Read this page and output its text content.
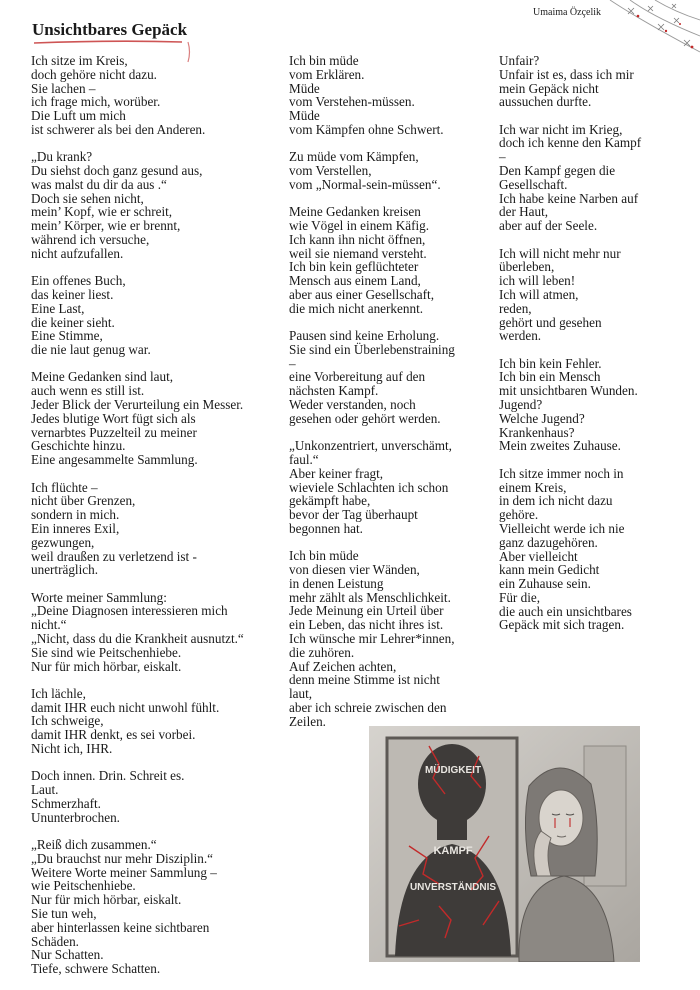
Umaima Özçelik
Unsichtbares Gepäck

Ich sitze im Kreis,
doch gehöre nicht dazu.
Sie lachen –
ich frage mich, worüber.
Die Luft um mich
ist schwerer als bei den Anderen.

„Du krank?
Du siehst doch ganz gesund aus,
was malst du dir da aus .“
Doch sie sehen nicht,
mein’ Kopf, wie er schreit,
mein’ Körper, wie er brennt,
während ich versuche,
nicht aufzufallen.

Ein offenes Buch,
das keiner liest.
Eine Last,
die keiner sieht.
Eine Stimme,
die nie laut genug war.

Meine Gedanken sind laut,
auch wenn es still ist.
Jeder Blick der Verurteilung ein Messer.
Jedes blutige Wort fügt sich als
vernarbtes Puzzelteil zu meiner
Geschichte hinzu.
Eine angesammelte Sammlung.

Ich flüchte –
nicht über Grenzen,
sondern in mich.
Ein inneres Exil,
gezwungen,
weil draußen zu verletzend ist -
unerträglich.

Worte meiner Sammlung:
„Deine Diagnosen interessieren mich
nicht.“
„Nicht, dass du die Krankheit ausnutzt.“
Sie sind wie Peitschenhiebe.
Nur für mich hörbar, eiskalt.

Ich lächle,
damit IHR euch nicht unwohl fühlt.
Ich schweige,
damit IHR denkt, es sei vorbei.
Nicht ich, IHR.

Doch innen. Drin. Schreit es.
Laut.
Schmerzhaft.
Ununterbrochen.

„Reiß dich zusammen.“
„Du brauchst nur mehr Disziplin.“
Weitere Worte meiner Sammlung –
wie Peitschenhiebe.
Nur für mich hörbar, eiskalt.
Sie tun weh,
aber hinterlassen keine sichtbaren
Schäden.
Nur Schatten.
Tiefe, schwere Schatten.

Ich bin müde
vom Erklären.
Müde
vom Verstehen-müssen.
Müde
vom Kämpfen ohne Schwert.

Zu müde vom Kämpfen,
vom Verstellen,
vom „Normal-sein-müssen“.

Meine Gedanken kreisen
wie Vögel in einem Käfig.
Ich kann ihn nicht öffnen,
weil sie niemand versteht.
Ich bin kein geflüchteter
Mensch aus einem Land,
aber aus einer Gesellschaft,
die mich nicht anerkennt.

Pausen sind keine Erholung.
Sie sind ein Überlebenstraining
–
eine Vorbereitung auf den
nächsten Kampf.
Weder verstanden, noch
gesehen oder gehört werden.

„Unkonzentriert, unverschämt,
faul.“
Aber keiner fragt,
wieviele Schlachten ich schon
gekämpft habe,
bevor der Tag überhaupt
begonnen hat.

Ich bin müde
von diesen vier Wänden,
in denen Leistung
mehr zählt als Menschlichkeit.
Jede Meinung ein Urteil über
ein Leben, das nicht ihres ist.
Ich wünsche mir Lehrer*innen,
die zuhören.
Auf Zeichen achten,
denn meine Stimme ist nicht
laut,
aber ich schreie zwischen den
Zeilen.

Unfair?
Unfair ist es, dass ich mir
mein Gepäck nicht
aussuchen durfte.

Ich war nicht im Krieg,
doch ich kenne den Kampf
–
Den Kampf gegen die
Gesellschaft.
Ich habe keine Narben auf
der Haut,
aber auf der Seele.

Ich will nicht mehr nur
überleben,
ich will leben!
Ich will atmen,
reden,
gehört und gesehen
werden.

Ich bin kein Fehler.
Ich bin ein Mensch
mit unsichtbaren Wunden.
Jugend?
Welche Jugend?
Krankenhaus?
Mein zweites Zuhause.

Ich sitze immer noch in
einem Kreis,
in dem ich nicht dazu
gehöre.
Vielleicht werde ich nie
ganz dazugehören.
Aber vielleicht
kann mein Gedicht
ein Zuhause sein.
Für die,
die auch ein unsichtbares
Gepäck mit sich tragen.

MÜDIGKEIT
KAMPF
UNVERSTÄNDNIS
